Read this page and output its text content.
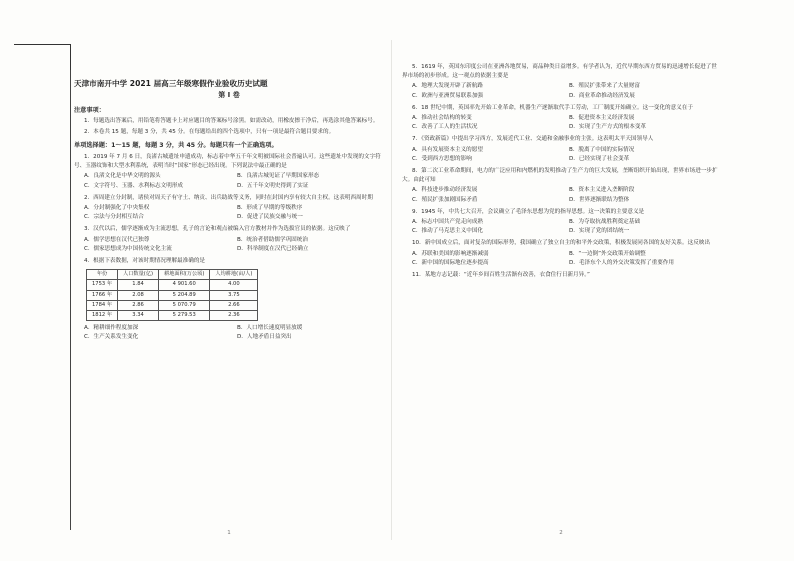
天津市南开中学 2021 届高三年级寒假作业验收历史试题
第 I 卷
注意事项：

1．每题选出答案后，用铅笔将答题卡上对应题目的答案标号涂黑。如需改动，用橡皮擦干净后，再选涂其他答案标号。

2．本卷共 15 题，每题 3 分，共 45 分。在每题给出的四个选项中，只有一项是最符合题目要求的。

单项选择题：1～15 题，每题 3 分，共 45 分。每题只有一个正确选项。

1．2019 年 7 月 6 日，良渚古城遗址申遗成功，标志着中华五千年文明被国际社会普遍认可。这些遗址中发现的文字符号、玉器纹饰和大型水利系统，表明当时“国家”形态已经出现。下列说法中最正确的是

A．良渚文化是中华文明的源头	B．良渚古城见证了早期国家形态
C．文字符号、玉器、水利标志文明形成	D．五千年文明史得到了实证

2．西周建立分封制，诸侯对周天子有守土、纳贡、出兵助战等义务，同时在封国内享有较大自主权。这表明西周时期

A．分封制强化了中央集权	B．形成了早期的等级秩序
C．宗法与分封相互结合	D．促进了民族交融与统一

3．汉代以后，儒学逐渐成为主流思想，孔子的言论和观点被编入官方教材并作为选拔官员的依据。这反映了

A．儒学思想在汉代已独尊	B．统治者借助儒学巩固统治
C．儒家思想成为中国传统文化主流	D．科举制度在汉代已经确立

4．根据下表数据，对该时期情况理解最准确的是

年份	人口数量(亿)	耕地面积(万公顷)	人均耕地(亩/人)
1753 年	1.84	4 901.60	4.00
1766 年	2.08	5 204.89	3.75
1784 年	2.86	5 070.79	2.66
1812 年	3.34	5 279.53	2.36
A．精耕细作程度加深	B．人口增长速度明显放缓
C．生产关系发生变化	D．人地矛盾日益突出
1

5．1619 年，英国东印度公司在亚洲各地贸易，商品种类日益增多。有学者认为，近代早期东西方贸易的迅速增长促进了世界市场的初步形成。这一观点的依据主要是

A．地理大发现开辟了新航路	B．殖民扩张带来了大量财富
C．欧洲与亚洲贸易联系加强	D．商业革命推动经济发展

6．18 世纪中期，英国率先开始工业革命，机器生产逐渐取代手工劳动，工厂制度开始确立。这一变化的意义在于

A．推动社会结构的转变	B．促进资本主义经济发展
C．改善了工人的生活状况	D．实现了生产方式的根本变革

7．《资政新篇》中提出学习西方，发展近代工业、交通和金融事业的主张。这表明太平天国领导人

A．具有发展资本主义的愿望	B．脱离了中国的实际情况
C．受到西方思想的影响	D．已经实现了社会变革

8．第二次工业革命期间，电力的广泛应用和内燃机的发明推动了生产力的巨大发展，垄断组织开始出现，世界市场进一步扩大。由此可知

A．科技进步推动经济发展	B．资本主义进入垄断阶段
C．殖民扩张加剧国际矛盾	D．世界逐渐联结为整体

9．1945 年，中共七大召开，会议确立了毛泽东思想为党的指导思想。这一决策的主要意义是

A．标志中国共产党走向成熟	B．为夺取抗战胜利奠定基础
C．推动了马克思主义中国化	D．实现了党的团结统一

10．新中国成立后，面对复杂的国际形势，我国确立了独立自主的和平外交政策，积极发展同各国的友好关系。这反映出

A．苏联和美国的影响逐渐减弱	B．“一边倒”外交政策开始调整
C．新中国的国际地位逐步提高	D．毛泽东个人的外交决策发挥了重要作用

11．某地方志记载：“近年乡间百姓生活渐有改善，衣食住行日新月异。”

2
